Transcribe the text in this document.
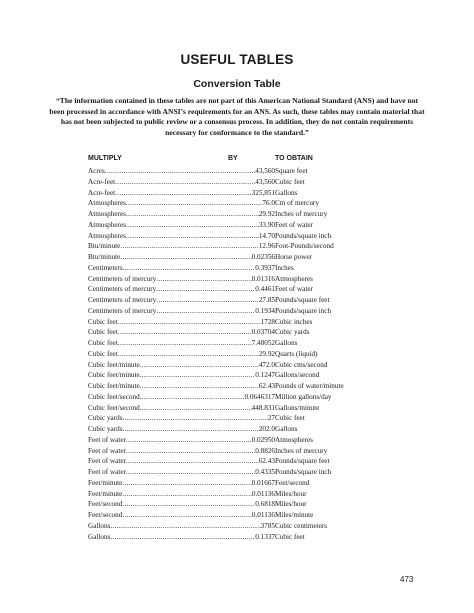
USEFUL TABLES
Conversion Table
“The information contained in these tables are not part of this American National Standard (ANS) and have not been processed in accordance with ANSI’s requirements for an ANS. As such, these tables may contain material that has not been subjected to public review or a consensus process. In addition, they do not contain requirements necessary for conformance to the standard.”
MULTIPLY	BY	TO OBTAIN
Acres .....	43,560 Square feet
Acre-feet .....	43,560 Cubic feet
Acre-feet .....	325,851 Gallons
Atmospheres .....	76.0 Cm of mercury
Atmospheres .....	29.92 Inches of mercury
Atmospheres .....	33.90 Feet of water
Atmospheres .....	14.70 Pounds/square inch
Btu/minute .....	12.96 Foot-Pounds/second
Btu/minute .....	0.02356 Horse power
Centimeters .....	0.3937 Inches
Centimeters of mercury .....	0.01316 Atmospheres
Centimeters of mercury .....	0.4461 Feet of water
Centimeters of mercury .....	27.85 Pounds/square feet
Centimeters of mercury .....	0.1934 Pounds/square inch
Cubic feet .....	1728 Cubic inches
Cubic feet .....	0.03704 Cubic yards
Cubic feet .....	7.48052 Gallons
Cubic feet .....	29.92 Quarts (liquid)
Cubic feet/minute .....	472.0 Cubic cms/second
Cubic feet/minute .....	0.1247 Gallons/second
Cubic feet/minute .....	62.43 Pounds of water/minute
Cubic feet/second .....	0.0646317 Million gallons/day
Cubic feet/second .....	448.831 Gallons/minute
Cubic yards .....	27 Cubic feet
Cubic yards .....	202.0 Gallons
Feet of water .....	0.02950 Atmospheres
Feet of water .....	0.8826 Inches of mercury
Feet of water .....	62.43 Pounds/square feet
Feet of water .....	0.4335 Pounds/square inch
Feet/minute .....	0.01667 Feet/second
Feet/minute .....	0.01136 Miles/hour
Feet/second .....	0.6818 Miles/hour
Feet/second .....	0.01136 Miles/minute
Gallons .....	3785 Cubic centimeters
Gallons .....	0.1337 Cubic feet
473
